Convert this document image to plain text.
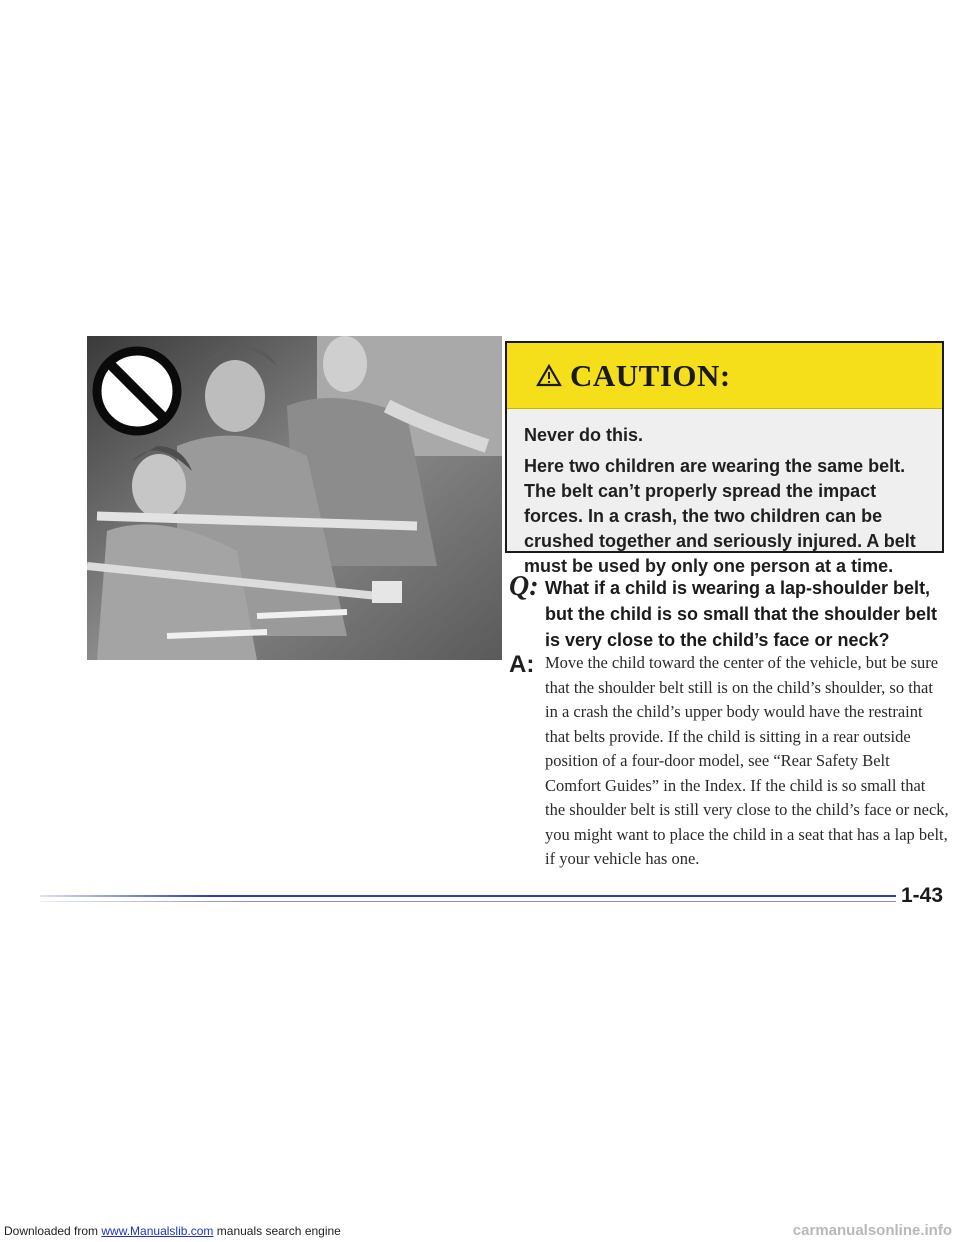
CAUTION:

Never do this.

Here two children are wearing the same belt. The belt can’t properly spread the impact forces. In a crash, the two children can be crushed together and seriously injured. A belt must be used by only one person at a time.

Q: What if a child is wearing a lap-shoulder belt, but the child is so small that the shoulder belt is very close to the child’s face or neck?
A: Move the child toward the center of the vehicle, but be sure that the shoulder belt still is on the child’s shoulder, so that in a crash the child’s upper body would have the restraint that belts provide. If the child is sitting in a rear outside position of a four-door model, see “Rear Safety Belt Comfort Guides” in the Index. If the child is so small that the shoulder belt is still very close to the child’s face or neck, you might want to place the child in a seat that has a lap belt, if your vehicle has one.
1-43
Downloaded from www.Manualslib.com manuals search engine	carmanualsonline.info
